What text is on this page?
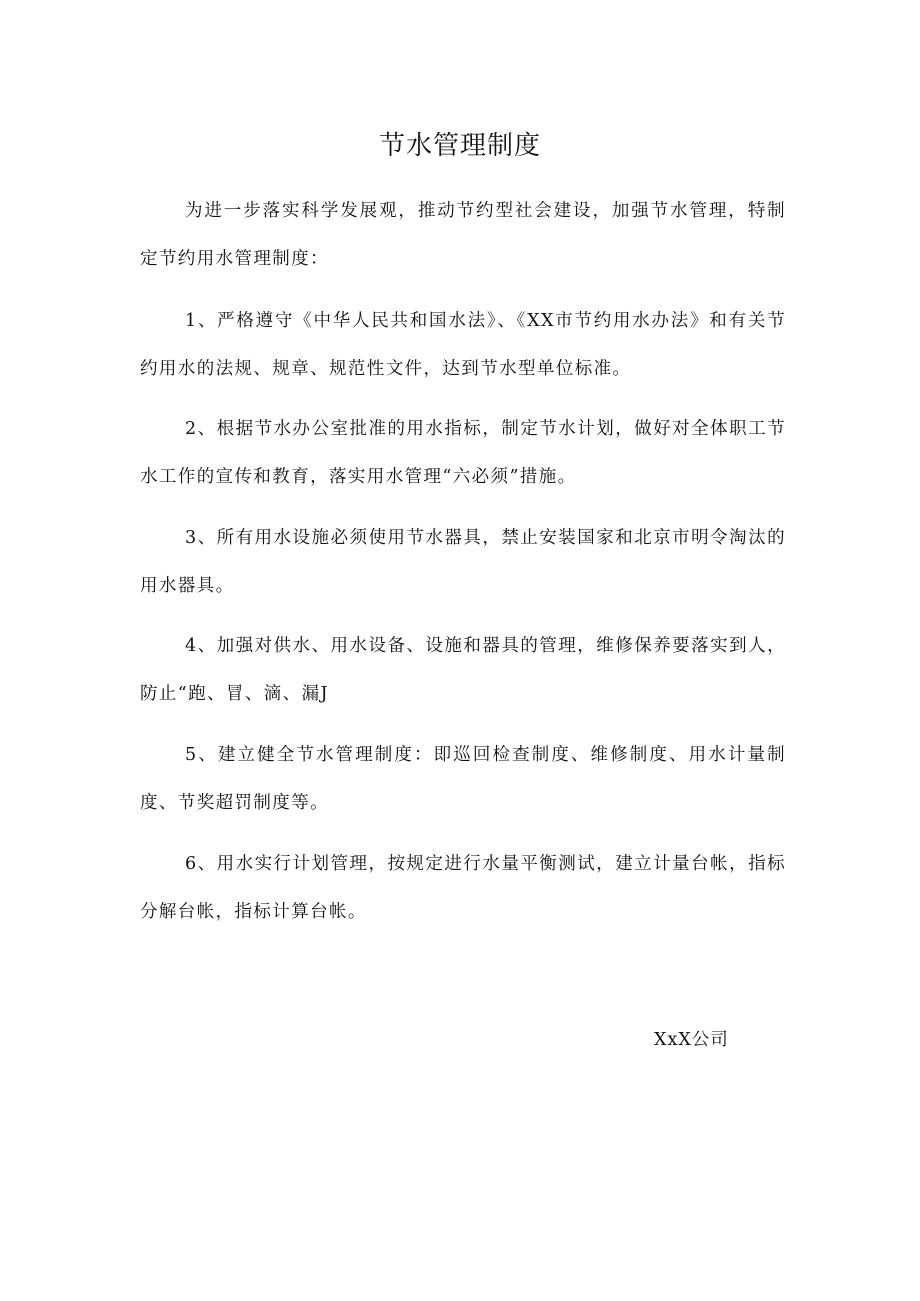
节水管理制度

为进一步落实科学发展观，推动节约型社会建设，加强节水管理，特制定节约用水管理制度：

1、严格遵守《中华人民共和国水法》、《XX市节约用水办法》和有关节约用水的法规、规章、规范性文件，达到节水型单位标准。

2、根据节水办公室批准的用水指标，制定节水计划，做好对全体职工节水工作的宣传和教育，落实用水管理“六必须”措施。

3、所有用水设施必须使用节水器具，禁止安装国家和北京市明令淘汰的用水器具。

4、加强对供水、用水设备、设施和器具的管理，维修保养要落实到人，防止“跑、冒、滴、漏J

5、建立健全节水管理制度：即巡回检查制度、维修制度、用水计量制度、节奖超罚制度等。

6、用水实行计划管理，按规定进行水量平衡测试，建立计量台帐，指标分解台帐，指标计算台帐。

XxX公司
